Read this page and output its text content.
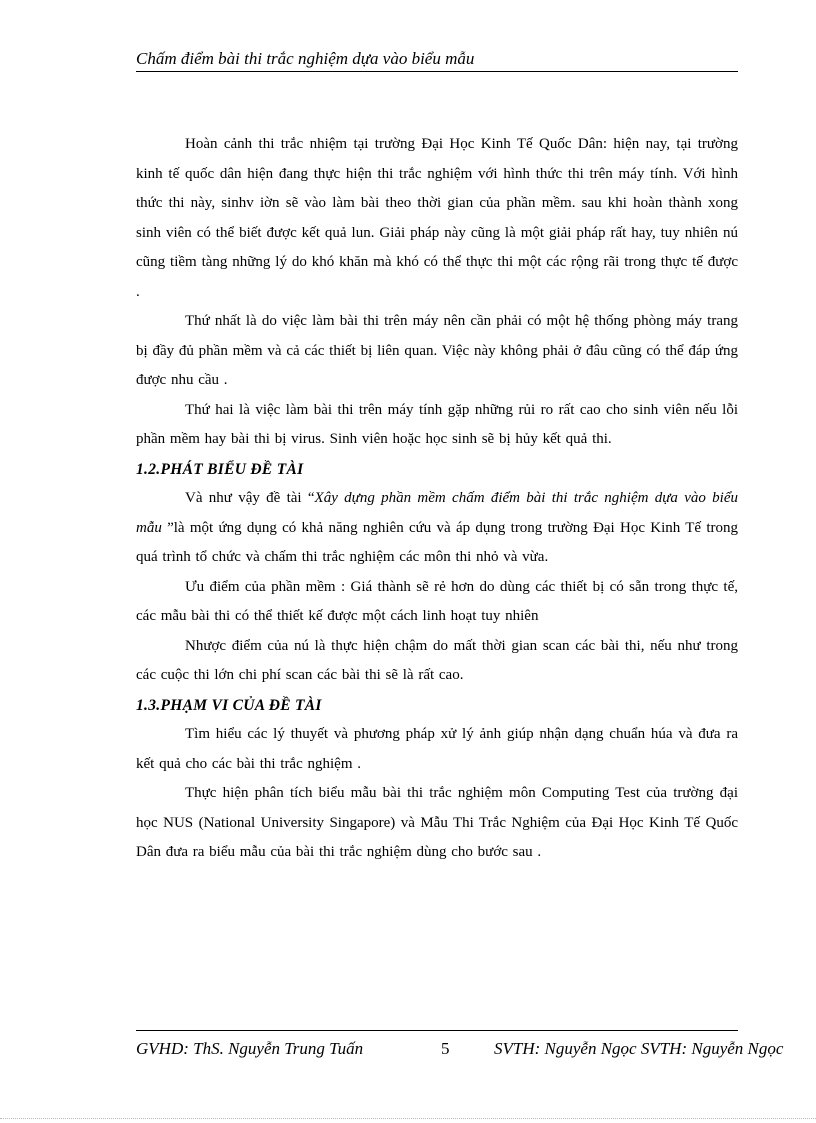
Chấm điểm bài thi trắc nghiệm dựa vào biểu mẫu

Hoàn cảnh thi trắc nhiệm tại trường Đại Học Kinh Tế Quốc Dân: hiện nay, tại trường kinh tế quốc dân hiện đang thực hiện thi trắc nghiệm với hình thức thi trên máy tính. Với hình thức thi này, sinhv iờn sẽ vào làm bài theo thời gian của phần mềm. sau khi hoàn thành xong sinh viên có thể biết được kết quả lun. Giải pháp này cũng là một giải pháp rất hay, tuy nhiên nú cũng tiềm tàng những lý do khó khăn mà khó có thể thực thi một các rộng rãi trong thực tế được .

Thứ nhất là do việc làm bài thi trên máy nên cần phải có một hệ thống phòng máy trang bị đầy đủ phần mềm và cả các thiết bị liên quan. Việc này không phải ở đâu cũng có thể đáp ứng được nhu cầu .

Thứ hai là việc làm bài thi trên máy tính gặp những rủi ro rất cao cho sinh viên nếu lỗi phần mềm hay bài thi bị virus. Sinh viên hoặc học sinh sẽ bị hủy kết quả thi.

1.2.PHÁT BIỂU ĐỀ TÀI

Và như vậy đề tài “Xây dựng phần mềm chấm điểm bài thi trắc nghiệm dựa vào biểu mẫu ”là một ứng dụng có khả năng nghiên cứu và áp dụng trong trường Đại Học Kinh Tế trong quá trình tổ chức và chấm thi trắc nghiệm các môn thi nhỏ và vừa.

Ưu điểm của phần mềm : Giá thành sẽ rẻ hơn do dùng các thiết bị có sẵn trong thực tế, các mẫu bài thi có thể thiết kế được một cách linh hoạt tuy nhiên

Nhược điểm của nú là thực hiện chậm do mất thời gian scan các bài thi, nếu như trong các cuộc thi lớn chi phí scan các bài thi sẽ là rất cao.

1.3.PHẠM VI CỦA ĐỀ TÀI

Tìm hiểu các lý thuyết và phương pháp xử lý ảnh giúp nhận dạng chuẩn húa và đưa ra kết quả cho các bài thi trắc nghiệm .

Thực hiện phân tích biểu mẫu bài thi trắc nghiệm môn Computing Test của trường đại học NUS (National University Singapore) và Mẫu Thi Trắc Nghiệm của Đại Học Kinh Tế Quốc Dân đưa ra biểu mẫu của bài thi trắc nghiệm dùng cho bước sau .

GVHD: ThS. Nguyễn Trung Tuấn	5	SVTH: Nguyễn Ngọc SVTH: Nguyễn Ngọc
